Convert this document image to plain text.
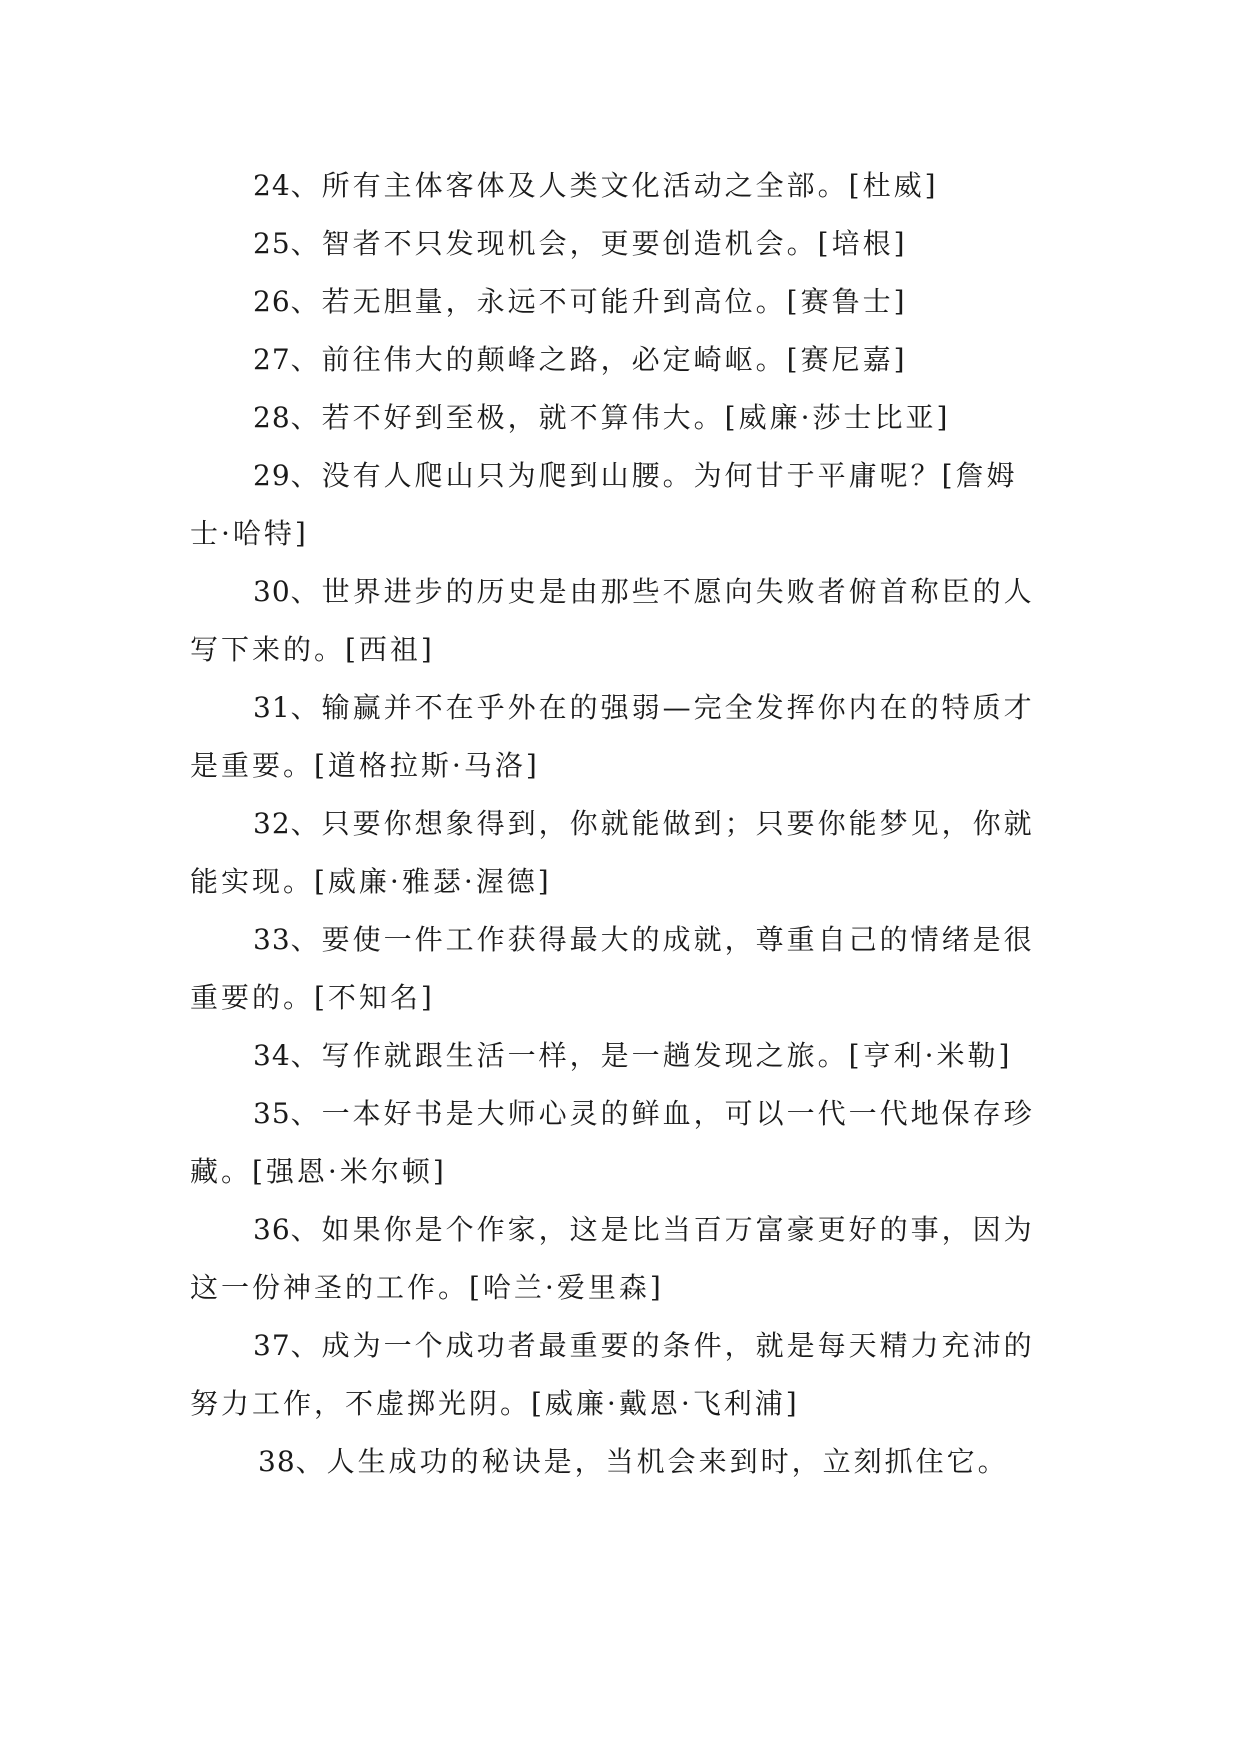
24、所有主体客体及人类文化活动之全部。[杜威]

25、智者不只发现机会，更要创造机会。[培根]

26、若无胆量，永远不可能升到高位。[赛鲁士]

27、前往伟大的颠峰之路，必定崎岖。[赛尼嘉]

28、若不好到至极，就不算伟大。[威廉·莎士比亚]

29、没有人爬山只为爬到山腰。为何甘于平庸呢？[詹姆士·哈特]

30、世界进步的历史是由那些不愿向失败者俯首称臣的人写下来的。[西祖]

31、输赢并不在乎外在的强弱—完全发挥你内在的特质才是重要。[道格拉斯·马洛]

32、只要你想象得到，你就能做到；只要你能梦见，你就能实现。[威廉·雅瑟·渥德]

33、要使一件工作获得最大的成就，尊重自己的情绪是很重要的。[不知名]

34、写作就跟生活一样，是一趟发现之旅。[亨利·米勒]

35、一本好书是大师心灵的鲜血，可以一代一代地保存珍藏。[强恩·米尔顿]

36、如果你是个作家，这是比当百万富豪更好的事，因为这一份神圣的工作。[哈兰·爱里森]

37、成为一个成功者最重要的条件，就是每天精力充沛的努力工作，不虚掷光阴。[威廉·戴恩·飞利浦]

38、人生成功的秘诀是，当机会来到时，立刻抓住它。
